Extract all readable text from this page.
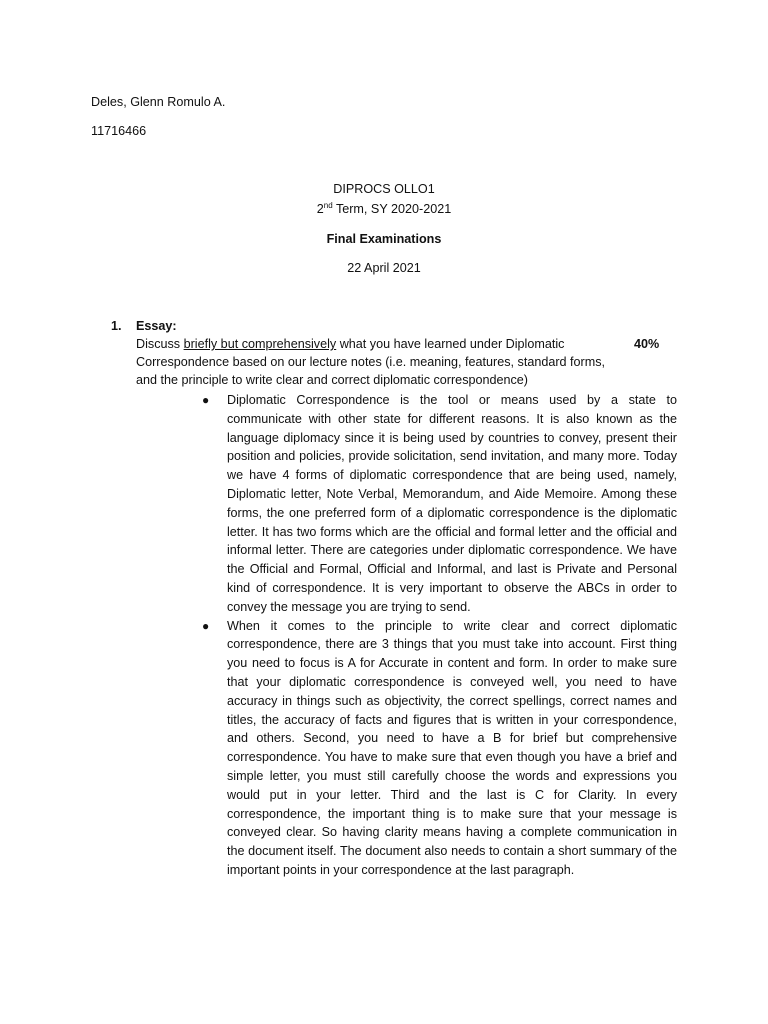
Deles, Glenn Romulo A.
11716466
DIPROCS OLLO1
2nd Term, SY 2020-2021
Final Examinations
22 April 2021
1. Essay:
Discuss briefly but comprehensively what you have learned under Diplomatic
Correspondence based on our lecture notes (i.e. meaning, features, standard forms,
and the principle to write clear and correct diplomatic correspondence)
40%
● Diplomatic Correspondence is the tool or means used by a state to communicate with other state for different reasons. It is also known as the language diplomacy since it is being used by countries to convey, present their position and policies, provide solicitation, send invitation, and many more. Today we have 4 forms of diplomatic correspondence that are being used, namely, Diplomatic letter, Note Verbal, Memorandum, and Aide Memoire. Among these forms, the one preferred form of a diplomatic correspondence is the diplomatic letter. It has two forms which are the official and formal letter and the official and informal letter. There are categories under diplomatic correspondence. We have the Official and Formal, Official and Informal, and last is Private and Personal kind of correspondence. It is very important to observe the ABCs in order to convey the message you are trying to send.
● When it comes to the principle to write clear and correct diplomatic correspondence, there are 3 things that you must take into account. First thing you need to focus is A for Accurate in content and form. In order to make sure that your diplomatic correspondence is conveyed well, you need to have accuracy in things such as objectivity, the correct spellings, correct names and titles, the accuracy of facts and figures that is written in your correspondence, and others. Second, you need to have a B for brief but comprehensive correspondence. You have to make sure that even though you have a brief and simple letter, you must still carefully choose the words and expressions you would put in your letter. Third and the last is C for Clarity. In every correspondence, the important thing is to make sure that your message is conveyed clear. So having clarity means having a complete communication in the document itself. The document also needs to contain a short summary of the important points in your correspondence at the last paragraph.
